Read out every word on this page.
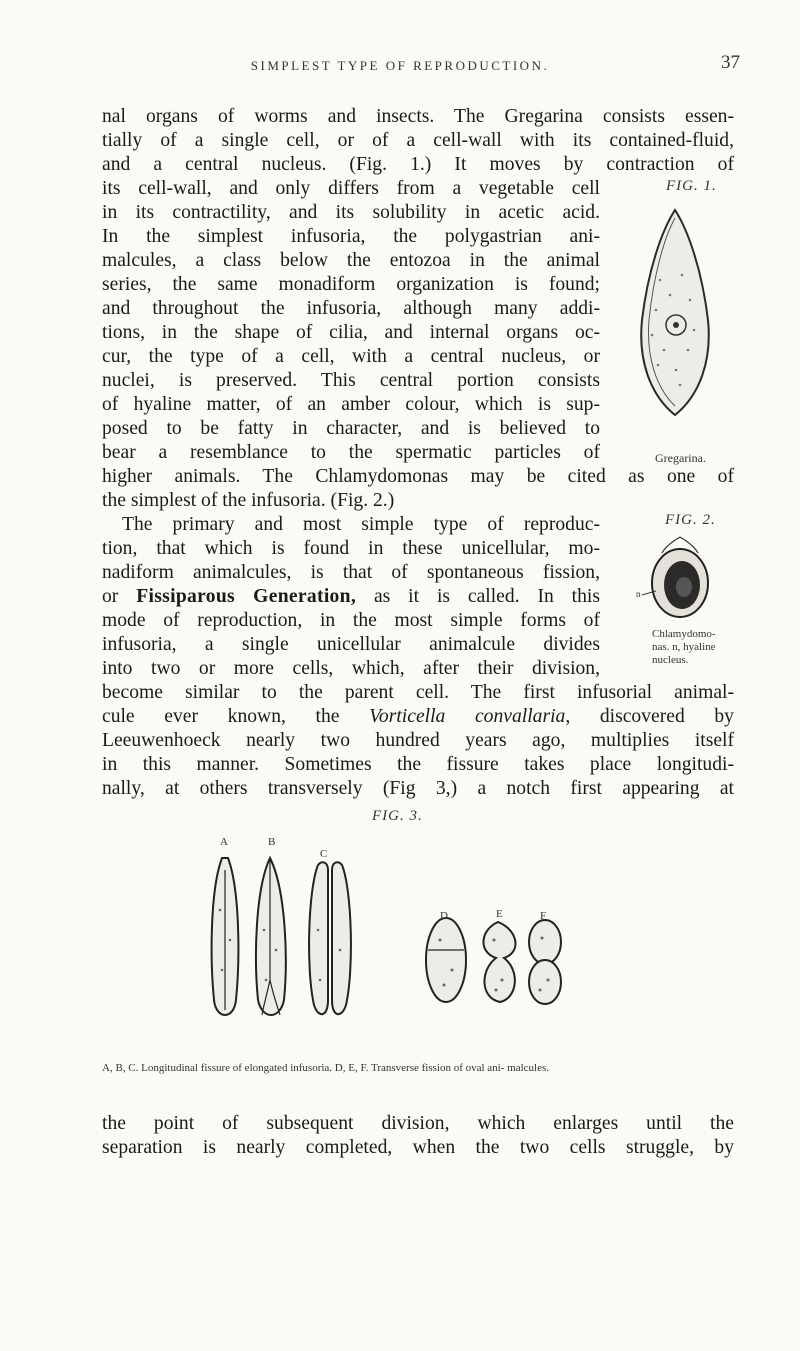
SIMPLEST TYPE OF REPRODUCTION.	37
nal organs of worms and insects. The Gregarina consists essen-
tially of a single cell, or of a cell-wall with its contained-fluid,
and a central nucleus. (Fig. 1.) It moves by contraction of
its cell-wall, and only differs from a vegetable cell
in its contractility, and its solubility in acetic acid.
In the simplest infusoria, the polygastrian ani-
malcules, a class below the entozoa in the animal
series, the same monadiform organization is found;
and throughout the infusoria, although many addi-
tions, in the shape of cilia, and internal organs oc-
cur, the type of a cell, with a central nucleus, or
nuclei, is preserved. This central portion consists
of hyaline matter, of an amber colour, which is sup-
posed to be fatty in character, and is believed to
bear a resemblance to the spermatic particles of
higher animals. The Chlamydomonas may be cited as one of
the simplest of the infusoria. (Fig. 2.)
The primary and most simple type of reproduc-
tion, that which is found in these unicellular, mo-
nadiform animalcules, is that of spontaneous fission,
or Fissiparous Generation, as it is called. In this
mode of reproduction, in the most simple forms of
infusoria, a single unicellular animalcule divides
into two or more cells, which, after their division,
become similar to the parent cell. The first infusorial animal-
cule ever known, the Vorticella convallaria, discovered by
Leeuwenhoeck nearly two hundred years ago, multiplies itself
in this manner. Sometimes the fissure takes place longitudi-
nally, at others transversely (Fig 3,) a notch first appearing at
FIG. 1.
Gregarina.
FIG. 2.
n
Chlamydomo-
nas. n, hyaline
nucleus.
FIG. 3.
A	B
C
D	E	F
A, B, C. Longitudinal fissure of elongated infusoria. D, E, F. Transverse fission of oval ani- malcules.
the point of subsequent division, which enlarges until the
separation is nearly completed, when the two cells struggle, by
